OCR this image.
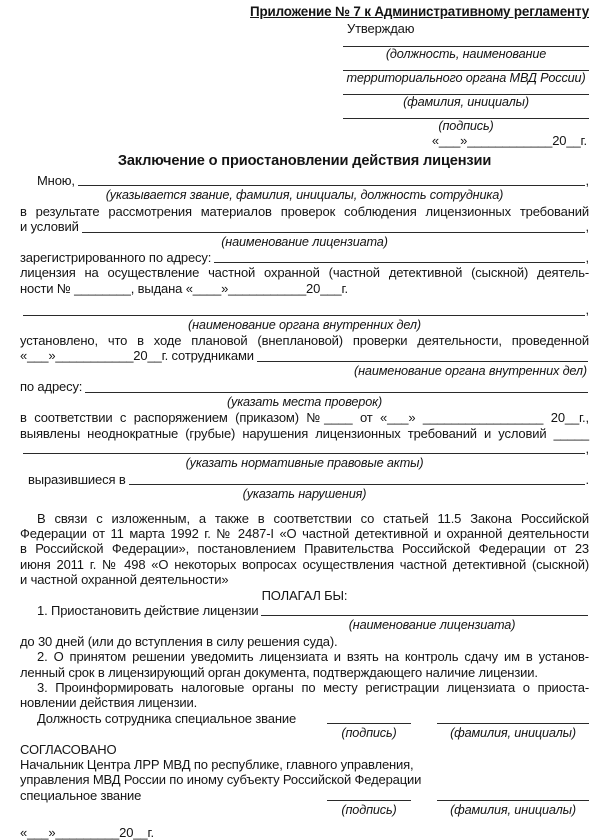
Приложение № 7 к Административному регламенту
Утверждаю
(должность, наименование
территориального органа МВД России)
(фамилия, инициалы)
(подпись)
«___»____________20__г.
Заключение о приостановлении действия лицензии
Мною,	,
(указывается звание, фамилия, инициалы, должность сотрудника)
в результате рассмотрения материалов проверок соблюдения лицензионных требований
и условий	,
(наименование лицензиата)
зарегистрированного по адресу:	,
лицензия на осуществление частной охранной (частной детективной (сыскной) деятель-
ности № ________, выдана «____»___________20___г.
,
(наименование органа внутренних дел)
установлено, что в ходе плановой (внеплановой) проверки деятельности, проведенной
«___»___________20__г. сотрудниками
(наименование органа внутренних дел)
по адресу:
(указать места проверок)
в соответствии с распоряжением (приказом) №____ от «___» _________________ 20__г.,
выявлены неоднократные (грубые) нарушения лицензионных требований и условий _____
,
(указать нормативные правовые акты)
выразившиеся в	.
(указать нарушения)
В связи с изложенным, а также в соответствии со статьей 11.5 Закона Российской
Федерации от 11 марта 1992 г. № 2487-I «О частной детективной и охранной деятельности
в Российской Федерации», постановлением Правительства Российской Федерации от 23
июня 2011 г. № 498 «О некоторых вопросах осуществления частной детективной (сыскной)
и частной охранной деятельности»
ПОЛАГАЛ БЫ:
1. Приостановить действие лицензии
(наименование лицензиата)
до 30 дней (или до вступления в силу решения суда).
2. О принятом решении уведомить лицензиата и взять на контроль сдачу им в установ-
ленный срок в лицензирующий орган документа, подтверждающего наличие лицензии.
3. Проинформировать налоговые органы по месту регистрации лицензиата о приоста-
новлении действия лицензии.
Должность сотрудника специальное звание
(подпись)	(фамилия, инициалы)
СОГЛАСОВАНО
Начальник Центра ЛРР МВД по республике, главного управления,
управления МВД России по иному субъекту Российской Федерации
специальное звание
(подпись)	(фамилия, инициалы)
«___»_________20__г.
